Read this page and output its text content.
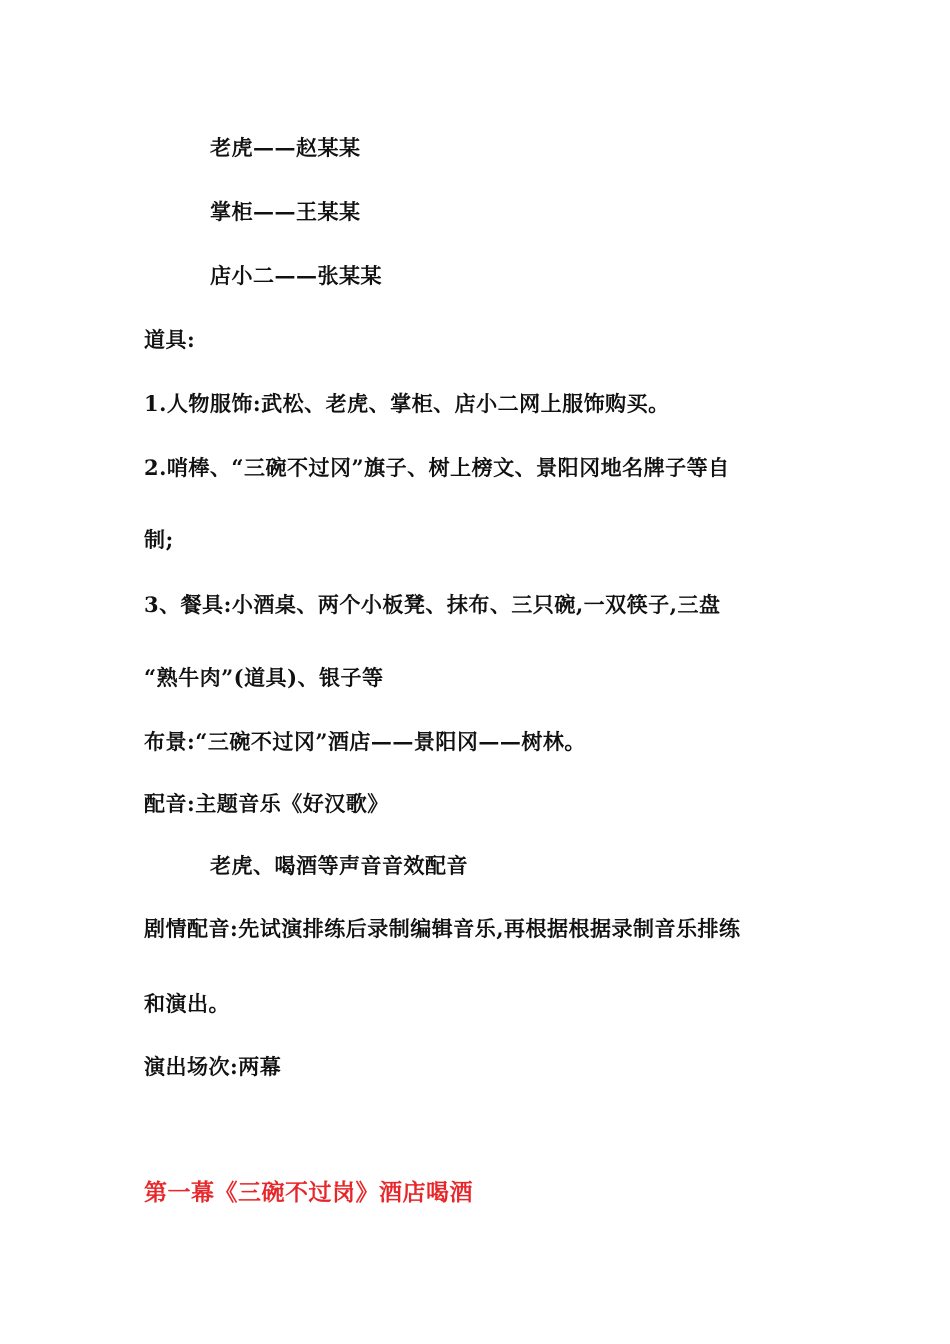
老虎——赵某某
掌柜——王某某
店小二——张某某
道具:
1.人物服饰:武松、老虎、掌柜、店小二网上服饰购买。
2.哨棒、“三碗不过冈”旗子、树上榜文、景阳冈地名牌子等自
制;
3、餐具:小酒桌、两个小板凳、抹布、三只碗,一双筷子,三盘
“熟牛肉”(道具)、银子等
布景:“三碗不过冈”酒店——景阳冈——树林。
配音:主题音乐《好汉歌》
老虎、喝酒等声音音效配音
剧情配音:先试演排练后录制编辑音乐,再根据根据录制音乐排练
和演出。
演出场次:两幕
第一幕《三碗不过岗》酒店喝酒
